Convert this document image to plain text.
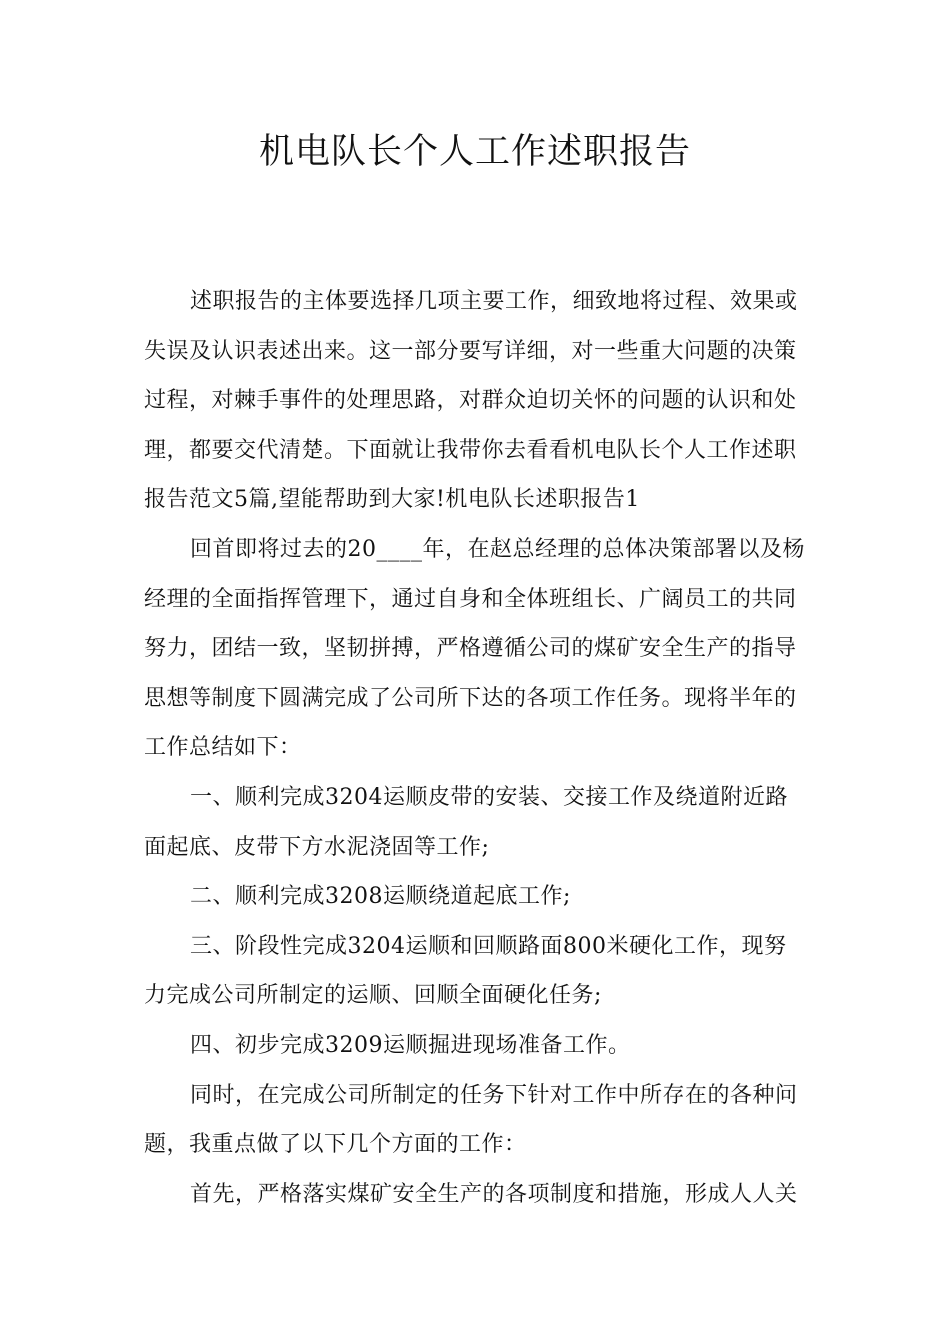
机电队长个人工作述职报告

述职报告的主体要选择几项主要工作，细致地将过程、效果或失误及认识表述出来。这一部分要写详细，对一些重大问题的决策过程，对棘手事件的处理思路，对群众迫切关怀的问题的认识和处理，都要交代清楚。下面就让我带你去看看机电队长个人工作述职报告范文5篇,望能帮助到大家!机电队长述职报告1

回首即将过去的20____年，在赵总经理的总体决策部署以及杨经理的全面指挥管理下，通过自身和全体班组长、广阔员工的共同努力，团结一致，坚韧拼搏，严格遵循公司的煤矿安全生产的指导思想等制度下圆满完成了公司所下达的各项工作任务。现将半年的工作总结如下：

一、顺利完成3204运顺皮带的安装、交接工作及绕道附近路面起底、皮带下方水泥浇固等工作;

二、顺利完成3208运顺绕道起底工作;

三、阶段性完成3204运顺和回顺路面800米硬化工作，现努力完成公司所制定的运顺、回顺全面硬化任务;

四、初步完成3209运顺掘进现场准备工作。

同时，在完成公司所制定的任务下针对工作中所存在的各种问题，我重点做了以下几个方面的工作：

首先，严格落实煤矿安全生产的各项制度和措施，形成人人关
